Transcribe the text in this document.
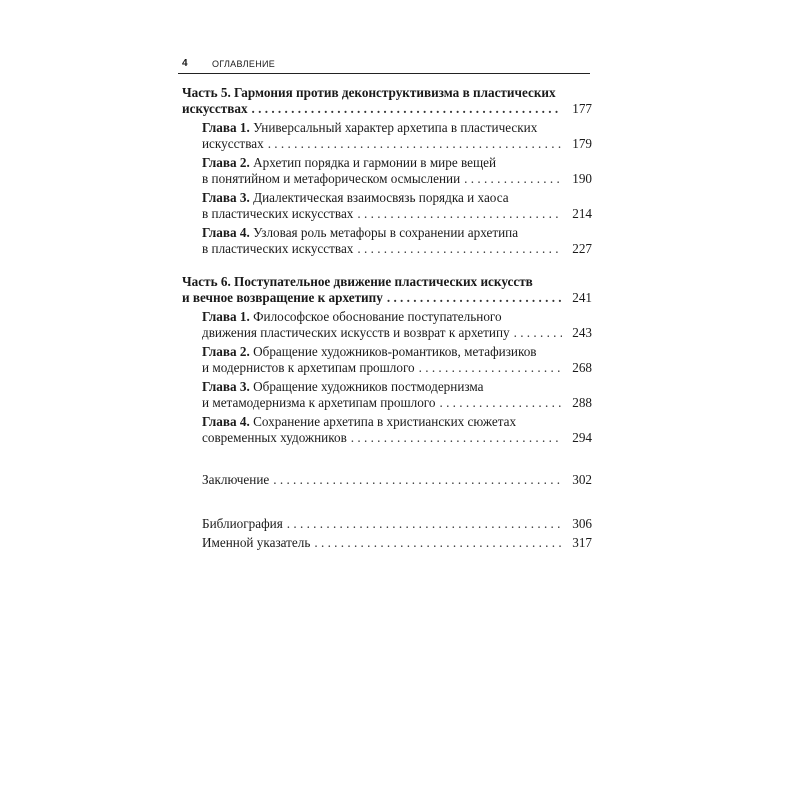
4	ОГЛАВЛЕНИЕ
Часть 5. Гармония против деконструктивизма в пластических
искусствах . . .	177
Глава 1. Универсальный характер архетипа в пластических
искусствах . . .	179
Глава 2. Архетип порядка и гармонии в мире вещей
в понятийном и метафорическом осмыслении . . .	190
Глава 3. Диалектическая взаимосвязь порядка и хаоса
в пластических искусствах . . .	214
Глава 4. Узловая роль метафоры в сохранении архетипа
в пластических искусствах . . .	227
Часть 6. Поступательное движение пластических искусств
и вечное возвращение к архетипу . . .	241
Глава 1. Философское обоснование поступательного
движения пластических искусств и возврат к архетипу . . .	243
Глава 2. Обращение художников-романтиков, метафизиков
и модернистов к архетипам прошлого . . .	268
Глава 3. Обращение художников постмодернизма
и метамодернизма к архетипам прошлого . . .	288
Глава 4. Сохранение архетипа в христианских сюжетах
современных художников . . .	294
Заключение . . .	302
Библиография . . .	306
Именной указатель . . .	317
